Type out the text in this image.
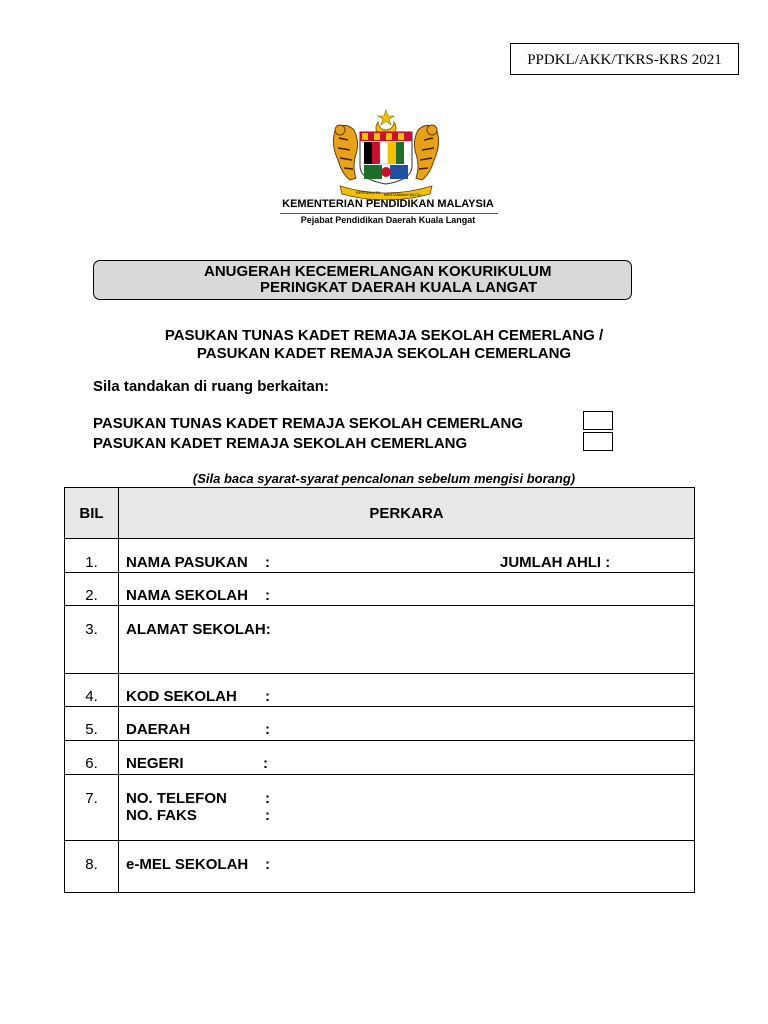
PPDKL/AKK/TKRS-KRS 2021
BERSEKUTU BERTAMBAH MUTU
KEMENTERIAN PENDIDIKAN MALAYSIA
Pejabat Pendidikan Daerah Kuala Langat
ANUGERAH KECEMERLANGAN KOKURIKULUM
PERINGKAT DAERAH KUALA LANGAT
PASUKAN TUNAS KADET REMAJA SEKOLAH CEMERLANG /
PASUKAN KADET REMAJA SEKOLAH CEMERLANG
Sila tandakan di ruang berkaitan:
PASUKAN TUNAS KADET REMAJA SEKOLAH CEMERLANG
PASUKAN KADET REMAJA SEKOLAH CEMERLANG
(Sila baca syarat-syarat pencalonan sebelum mengisi borang)
BIL	PERKARA

1.	NAMA PASUKAN : JUMLAH AHLI :

2.	NAMA SEKOLAH :

3.	ALAMAT SEKOLAH:

4.	KOD SEKOLAH :

5.	DAERAH :

6.	NEGERI :

7.	NO. TELEFON :
NO. FAKS :

8.	e-MEL SEKOLAH :
